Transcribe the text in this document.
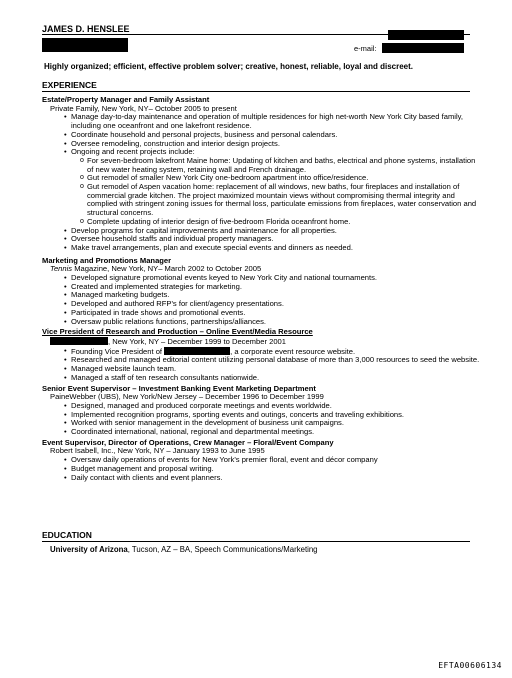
JAMES D. HENSLEE
e-mail:
Highly organized; efficient, effective problem solver; creative, honest, reliable, loyal and discreet.
EXPERIENCE
Estate/Property Manager and Family Assistant
Private Family, New York, NY– October 2005 to present
• Manage day-to-day maintenance and operation of multiple residences for high net-worth New York City based family, including one oceanfront and one lakefront residence.
• Coordinate household and personal projects, business and personal calendars.
• Oversee remodeling, construction and interior design projects.
• Ongoing and recent projects include:
o For seven-bedroom lakefront Maine home: Updating of kitchen and baths, electrical and phone systems, installation of new water heating system, retaining wall and French drainage.
o Gut remodel of smaller New York City one-bedroom apartment into office/residence.
o Gut remodel of Aspen vacation home: replacement of all windows, new baths, four fireplaces and installation of commercial grade kitchen. The project maximized mountain views without compromising thermal integrity and complied with stringent zoning issues for thermal loss, particulate emissions from fireplaces, water conservation and structural concerns.
o Complete updating of interior design of five-bedroom Florida oceanfront home.
• Develop programs for capital improvements and maintenance for all properties.
• Oversee household staffs and individual property managers.
• Make travel arrangements, plan and execute special events and dinners as needed.
Marketing and Promotions Manager
Tennis Magazine, New York, NY– March 2002 to October 2005
• Developed signature promotional events keyed to New York City and national tournaments.
• Created and implemented strategies for marketing.
• Managed marketing budgets.
• Developed and authored RFP's for client/agency presentations.
• Participated in trade shows and promotional events.
• Oversaw public relations functions, partnerships/alliances.
Vice President of Research and Production – Online Event/Media Resource
, New York, NY – December 1999 to December 2001
• Founding Vice President of	, a corporate event resource website.
• Researched and managed editorial content utilizing personal database of more than 3,000 resources to seed the website.
• Managed website launch team.
• Managed a staff of ten research consultants nationwide.
Senior Event Supervisor – Investment Banking Event Marketing Department
PaineWebber (UBS), New York/New Jersey – December 1996 to December 1999
• Designed, managed and produced corporate meetings and events worldwide.
• Implemented recognition programs, sporting events and outings, concerts and traveling exhibitions.
• Worked with senior management in the development of business unit campaigns.
• Coordinated international, national, regional and departmental meetings.
Event Supervisor, Director of Operations, Crew Manager – Floral/Event Company
Robert Isabell, Inc., New York, NY – January 1993 to June 1995
• Oversaw daily operations of events for New York's premier floral, event and décor company
• Budget management and proposal writing.
• Daily contact with clients and event planners.
EDUCATION
University of Arizona, Tucson, AZ – BA, Speech Communications/Marketing
EFTA00606134
